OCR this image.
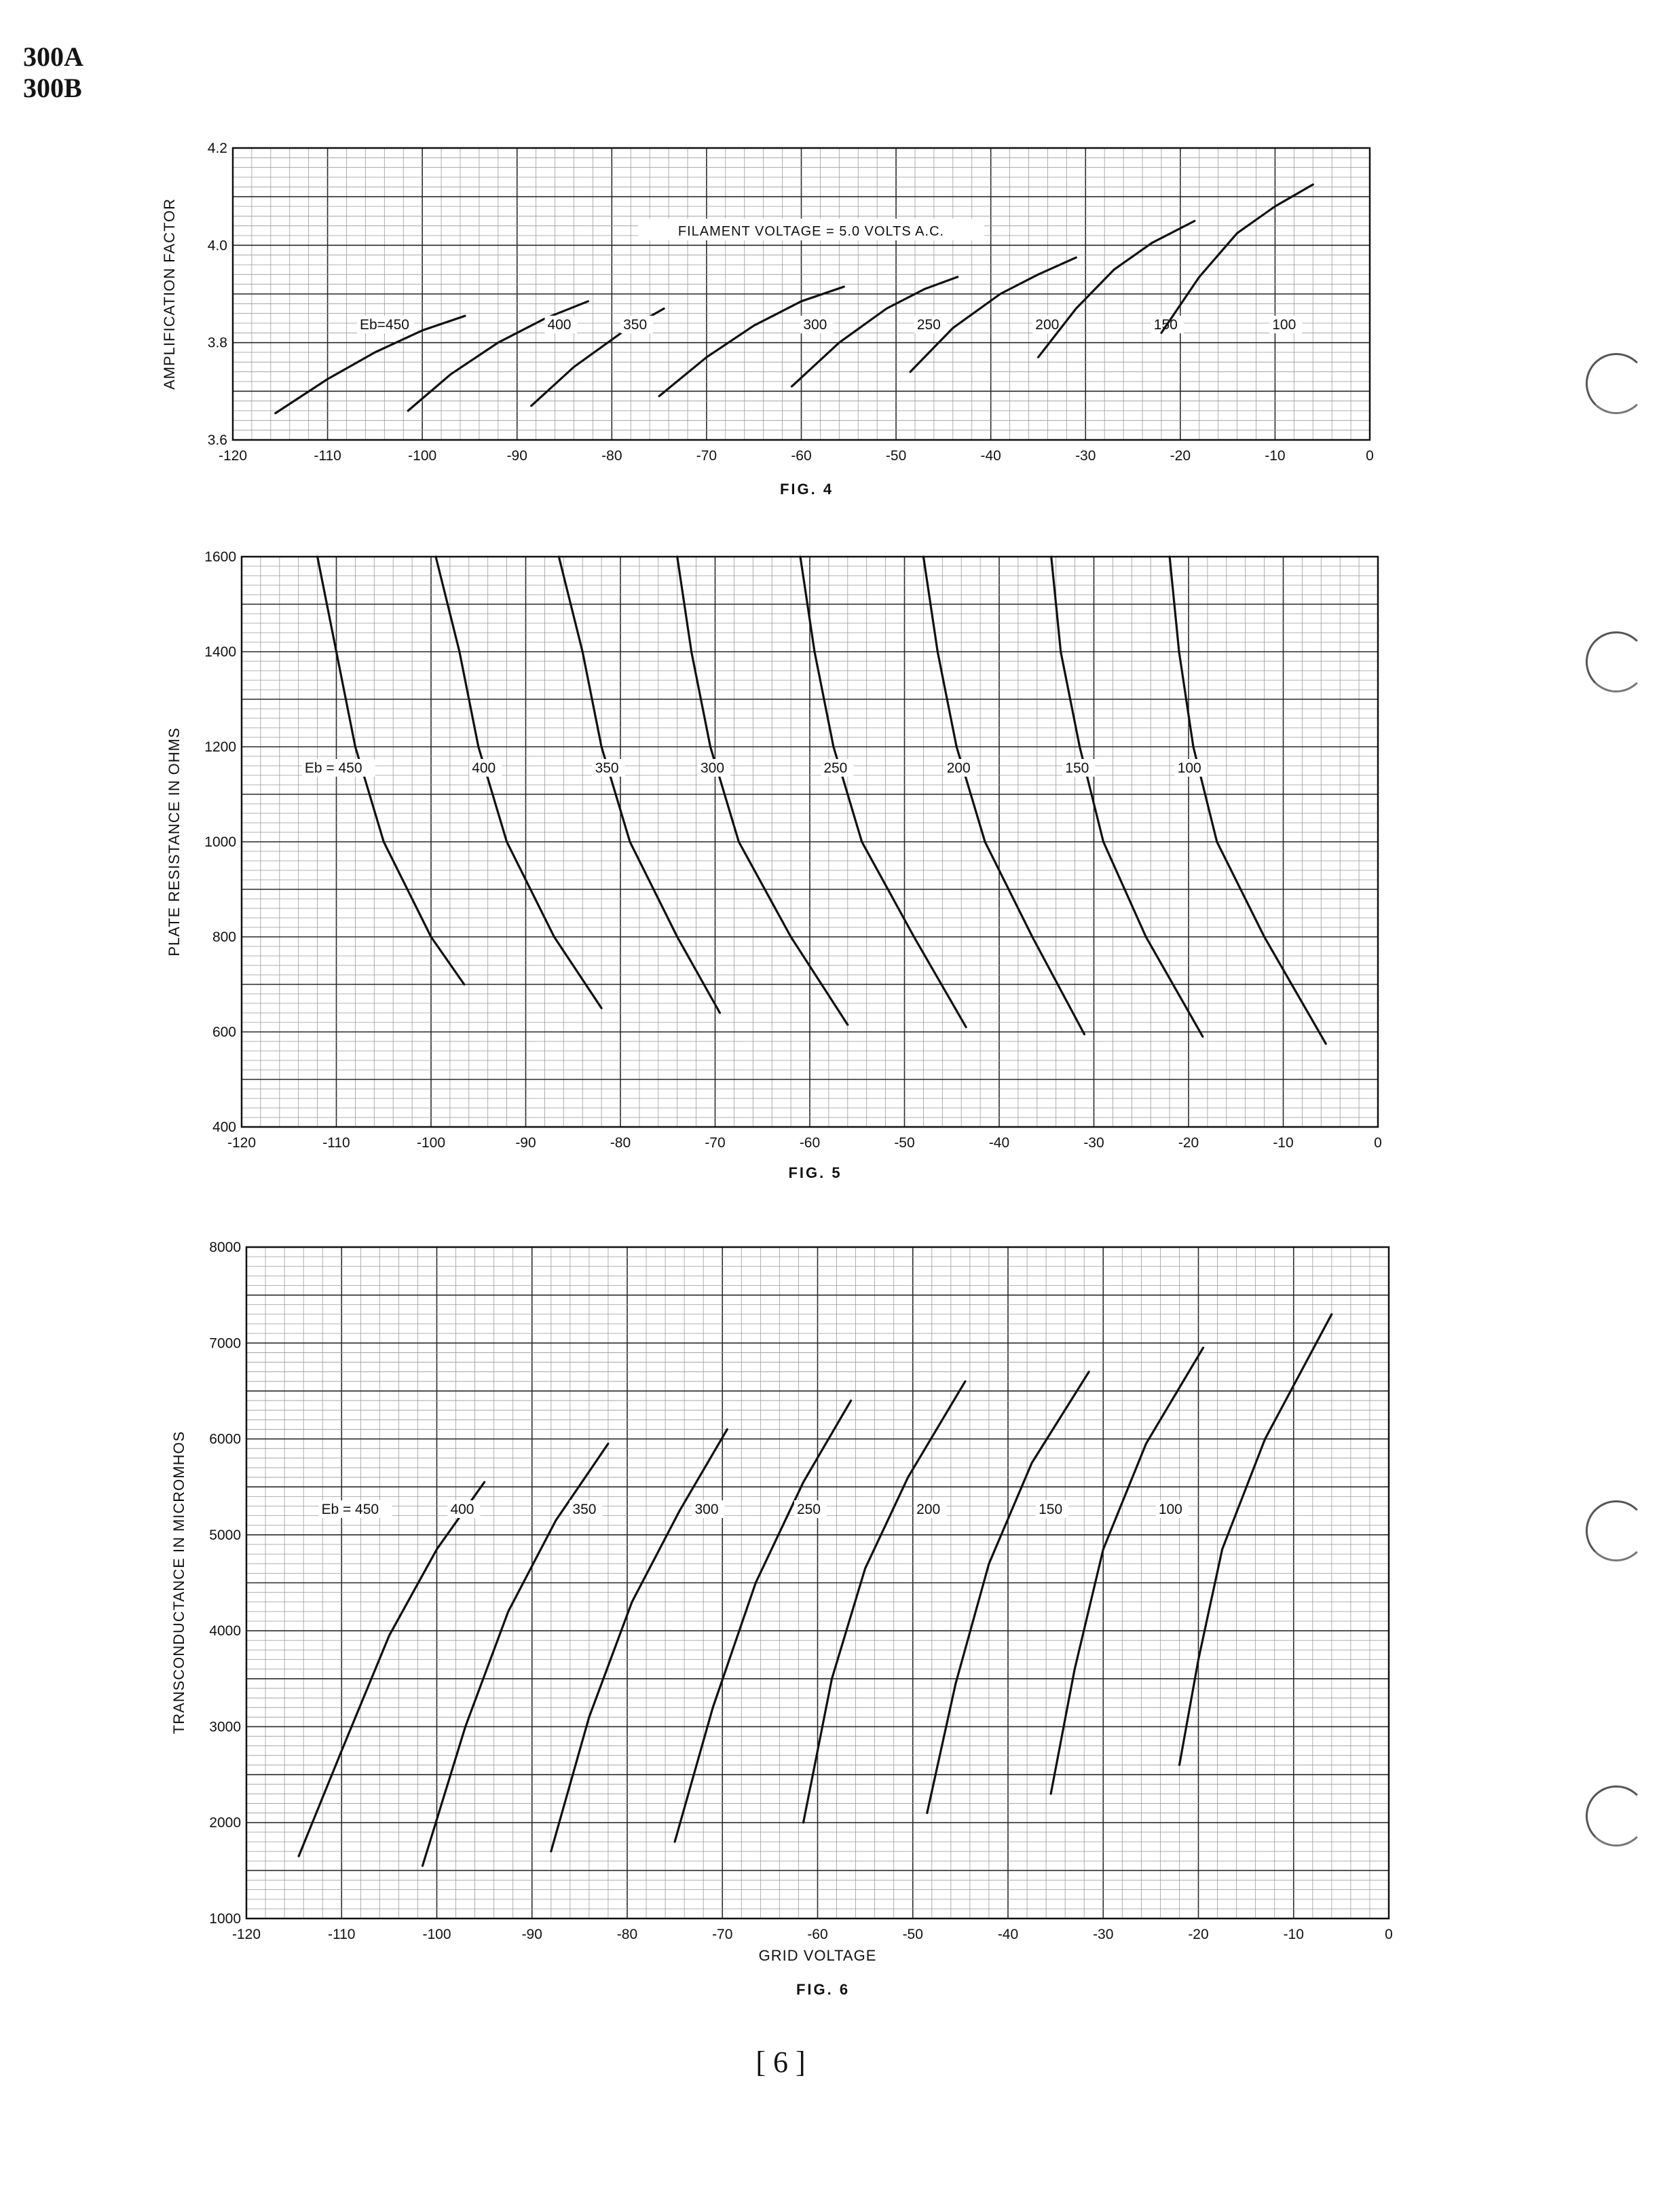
300A
300B
-120	-110	-100	-90	-80	-70	-60	-50	-40	-30	-20	-10	0
3.6
3.8
4.0
4.2
AMPLIFICATION FACTOR
FIG. 4
FILAMENT VOLTAGE = 5.0 VOLTS A.C.
Eb=450	400	350	300	250	200	150	100
-120	-110	-100	-90	-80	-70	-60	-50	-40	-30	-20	-10	0
400
600
800
1000
1200
1400
1600
PLATE RESISTANCE IN OHMS
FIG. 5
Eb = 450	400	350	300	250	200	150	100
-120	-110	-100	-90	-80	-70	-60	-50	-40	-30	-20	-10	0
1000
2000
3000
4000
5000
6000
7000
8000
TRANSCONDUCTANCE IN MICROMHOS
GRID VOLTAGE
FIG. 6
Eb = 450	400	350	300	250	200	150	100
[ 6 ]
